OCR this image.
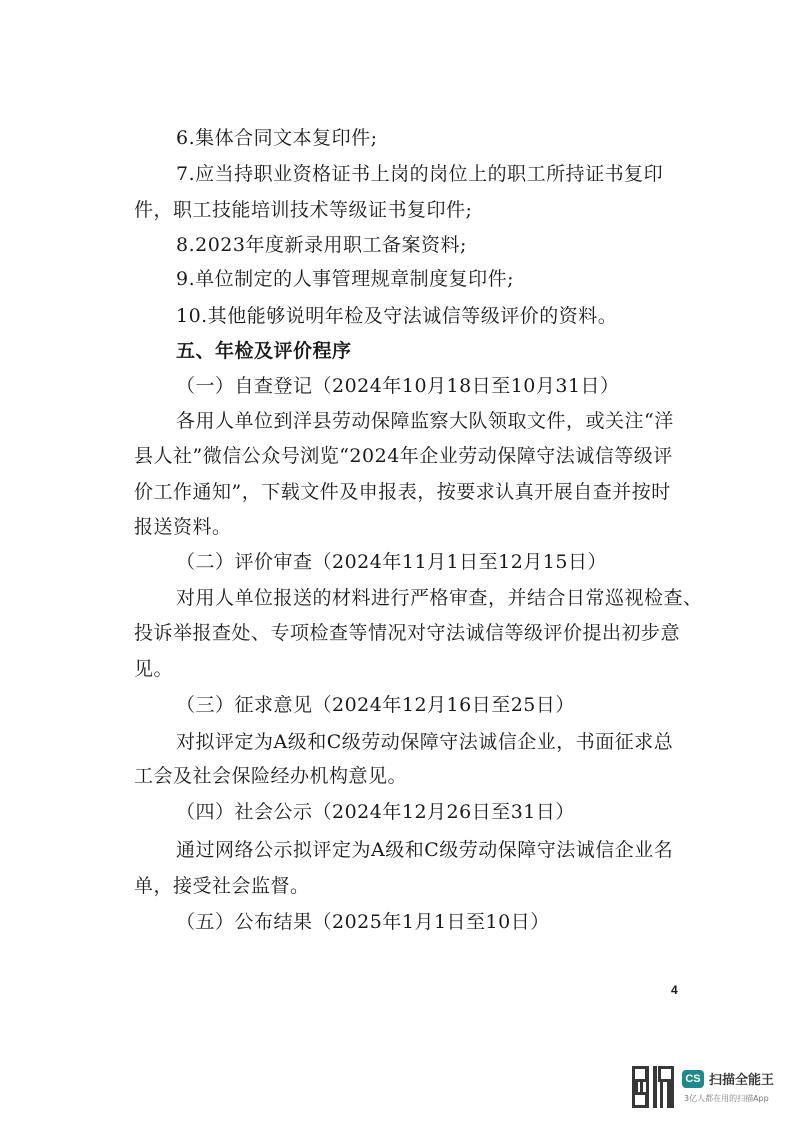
6.集体合同文本复印件;
7.应当持职业资格证书上岗的岗位上的职工所持证书复印
件，职工技能培训技术等级证书复印件;
8.2023年度新录用职工备案资料;
9.单位制定的人事管理规章制度复印件;
10.其他能够说明年检及守法诚信等级评价的资料。
五、年检及评价程序
（一）自查登记（2024年10月18日至10月31日）
各用人单位到洋县劳动保障监察大队领取文件，或关注“洋
县人社”微信公众号浏览“2024年企业劳动保障守法诚信等级评
价工作通知”，下载文件及申报表，按要求认真开展自查并按时
报送资料。
（二）评价审查（2024年11月1日至12月15日）
对用人单位报送的材料进行严格审查，并结合日常巡视检查、
投诉举报查处、专项检查等情况对守法诚信等级评价提出初步意
见。
（三）征求意见（2024年12月16日至25日）
对拟评定为A级和C级劳动保障守法诚信企业，书面征求总
工会及社会保险经办机构意见。
（四）社会公示（2024年12月26日至31日）
通过网络公示拟评定为A级和C级劳动保障守法诚信企业名
单，接受社会监督。
（五）公布结果（2025年1月1日至10日）
4
CS 扫描全能王
3亿人都在用的扫描App
